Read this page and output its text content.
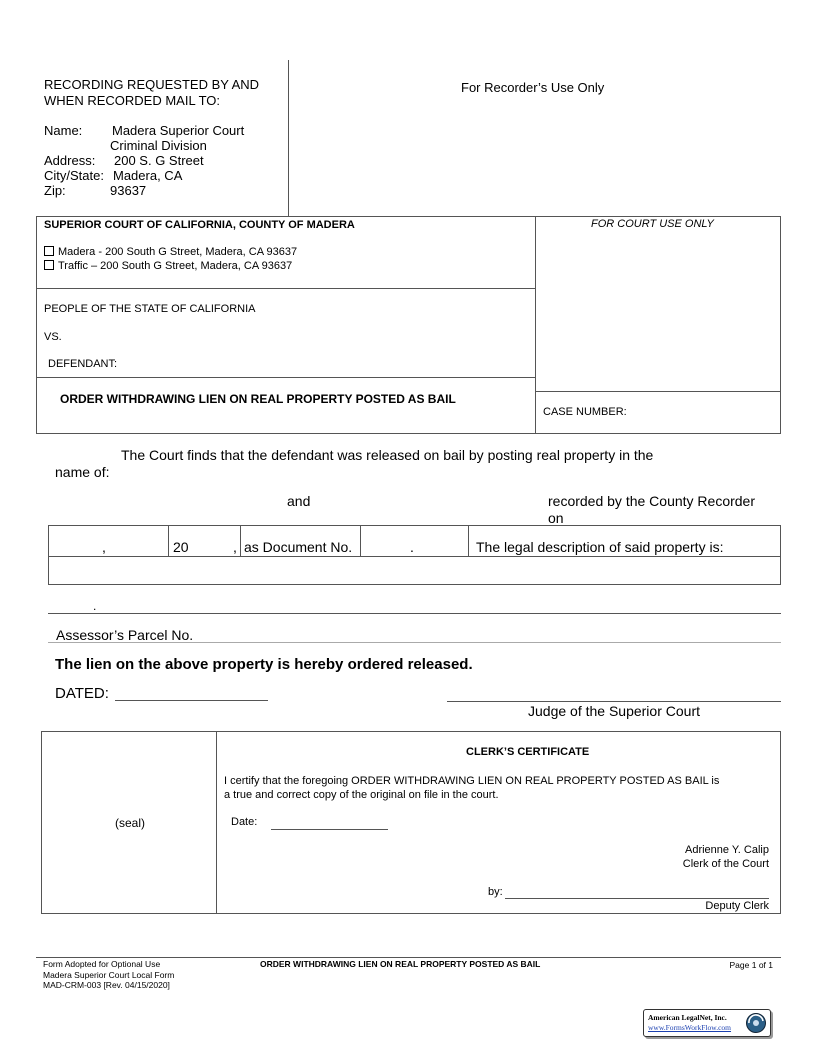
RECORDING REQUESTED BY AND
WHEN RECORDED MAIL TO:
Name: Madera Superior Court
Criminal Division
Address: 200 S. G Street
City/State: Madera, CA
Zip:	93637
For Recorder’s Use Only
SUPERIOR COURT OF CALIFORNIA, COUNTY OF MADERA
Madera - 200 South G Street, Madera, CA 93637
Traffic – 200 South G Street, Madera, CA 93637
FOR COURT USE ONLY
PEOPLE OF THE STATE OF CALIFORNIA
VS.
DEFENDANT:
ORDER WITHDRAWING LIEN ON REAL PROPERTY POSTED AS BAIL
CASE NUMBER:
The Court finds that the defendant was released on bail by posting real property in the
name of:
and	recorded by the County Recorder
on
,	20	, as Document No.	.	The legal description of said property is:
.
Assessor’s Parcel No.
The lien on the above property is hereby ordered released.
DATED:
Judge of the Superior Court
(seal)
CLERK’S CERTIFICATE
I certify that the foregoing ORDER WITHDRAWING LIEN ON REAL PROPERTY POSTED AS BAIL is
a true and correct copy of the original on file in the court.
Date:
Adrienne Y. Calip
Clerk of the Court
by:
Deputy Clerk
Form Adopted for Optional Use
Madera Superior Court Local Form
MAD-CRM-003 [Rev. 04/15/2020]
ORDER WITHDRAWING LIEN ON REAL PROPERTY POSTED AS BAIL	Page 1 of 1
American LegalNet, Inc.
www.FormsWorkFlow.com
